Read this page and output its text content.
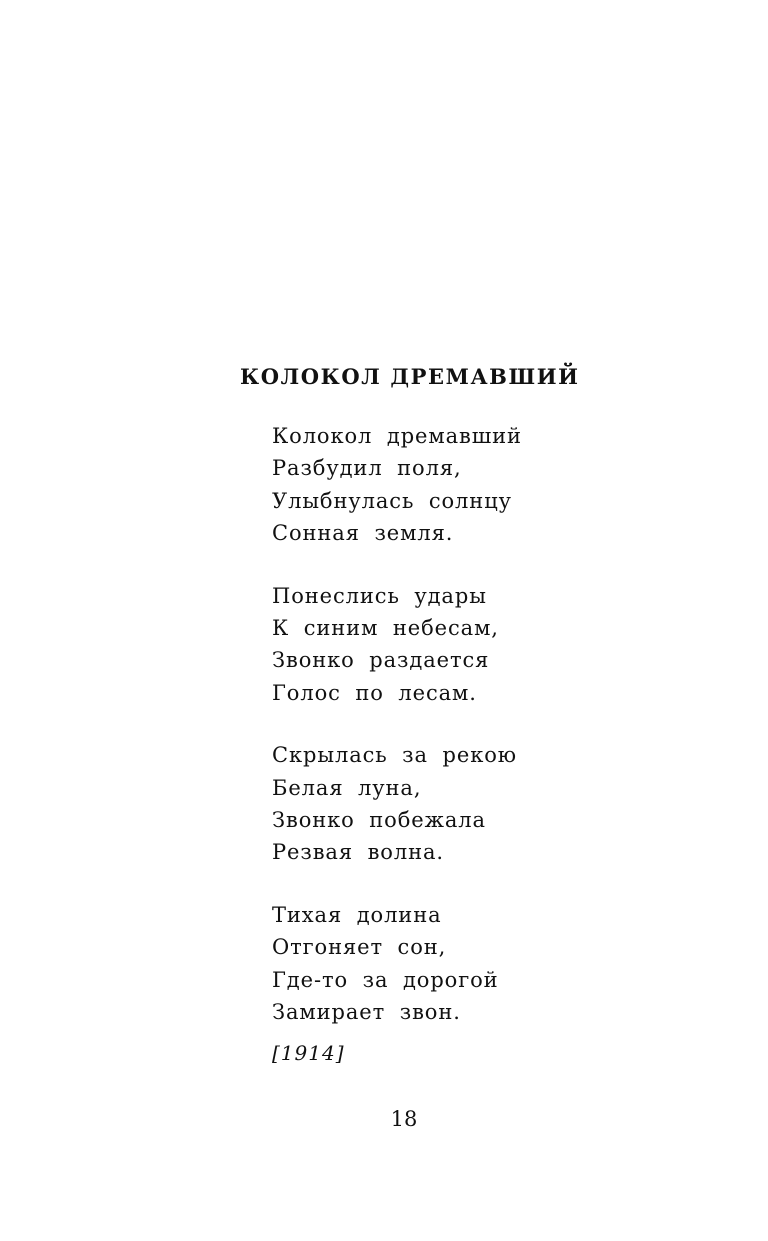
КОЛОКОЛ ДРЕМАВШИЙ
Колокол дремавший
Разбудил поля,
Улыбнулась солнцу
Сонная земля.
Понеслись удары
К синим небесам,
Звонко раздается
Голос по лесам.
Скрылась за рекою
Белая луна,
Звонко побежала
Резвая волна.
Тихая долина
Отгоняет сон,
Где-то за дорогой
Замирает звон.
[1914]
18
